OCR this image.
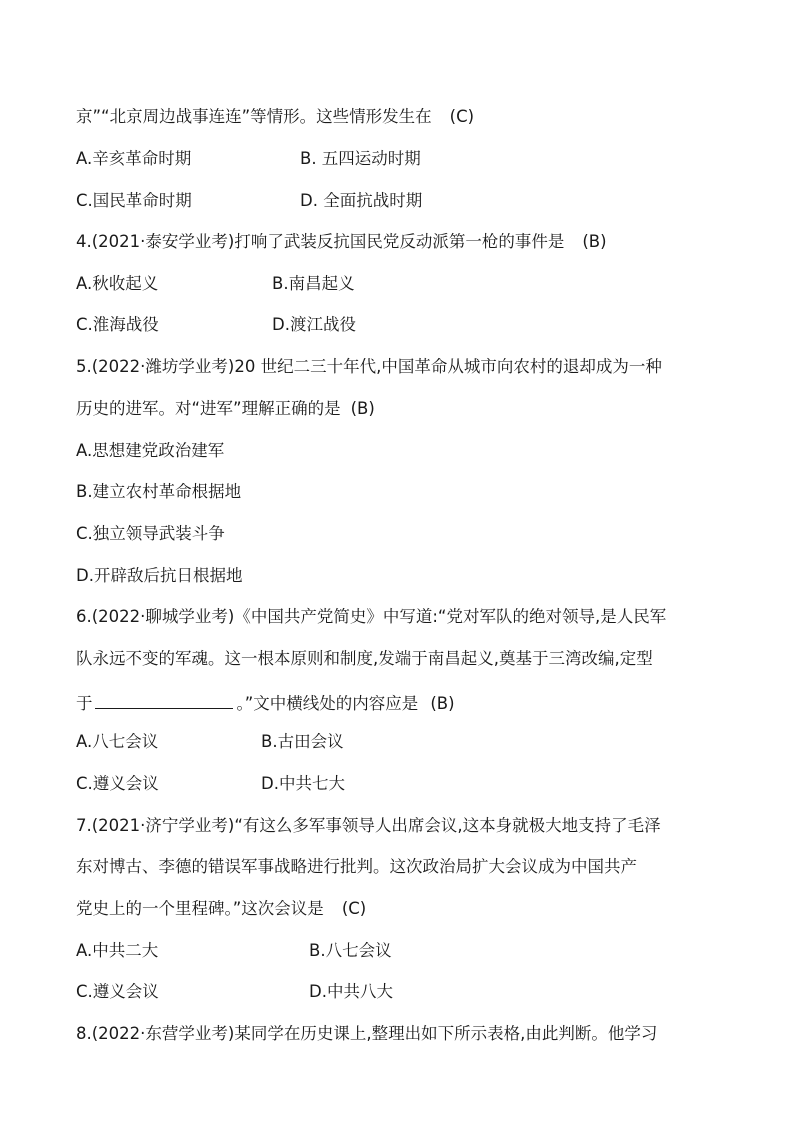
京”“北京周边战事连连”等情形。这些情形发生在 (C)
A.辛亥革命时期	B. 五四运动时期
C.国民革命时期	D. 全面抗战时期
4.(2021·泰安学业考)打响了武装反抗国民党反动派第一枪的事件是 (B)
A.秋收起义	B.南昌起义
C.淮海战役	D.渡江战役
5.(2022·潍坊学业考)20 世纪二三十年代,中国革命从城市向农村的退却成为一种
历史的进军。对“进军”理解正确的是 (B)
A.思想建党政治建军
B.建立农村革命根据地
C.独立领导武装斗争
D.开辟敌后抗日根据地
6.(2022·聊城学业考)《中国共产党简史》中写道:“党对军队的绝对领导,是人民军
队永远不变的军魂。这一根本原则和制度,发端于南昌起义,奠基于三湾改编,定型
于	。”文中横线处的内容应是 (B)
A.八七会议	B.古田会议
C.遵义会议	D.中共七大
7.(2021·济宁学业考)“有这么多军事领导人出席会议,这本身就极大地支持了毛泽
东对博古、李德的错误军事战略进行批判。这次政治局扩大会议成为中国共产
党史上的一个里程碑。”这次会议是 (C)
A.中共二大	B.八七会议
C.遵义会议	D.中共八大
8.(2022·东营学业考)某同学在历史课上,整理出如下所示表格,由此判断。他学习
